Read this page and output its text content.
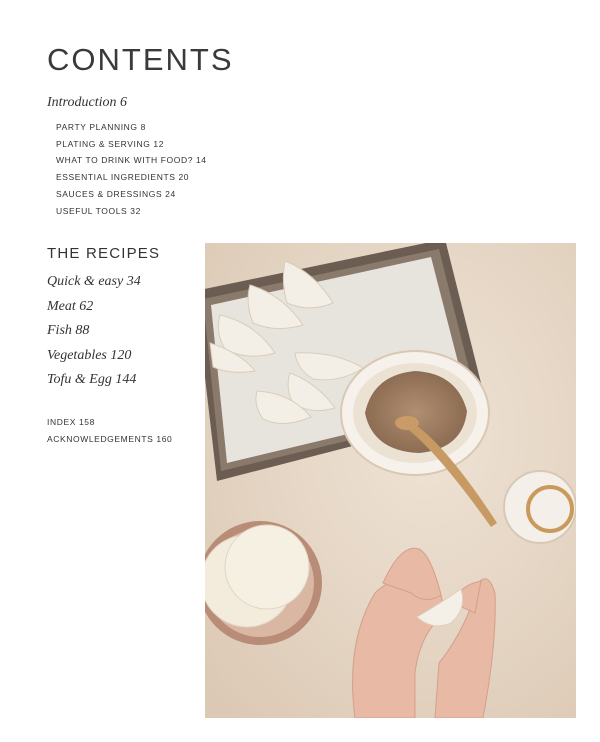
CONTENTS
Introduction 6
PARTY PLANNING 8
PLATING & SERVING 12
WHAT TO DRINK WITH FOOD? 14
ESSENTIAL INGREDIENTS 20
SAUCES & DRESSINGS 24
USEFUL TOOLS 32
THE RECIPES
Quick & easy 34
Meat 62
Fish 88
Vegetables 120
Tofu & Egg 144
INDEX 158
ACKNOWLEDGEMENTS 160
